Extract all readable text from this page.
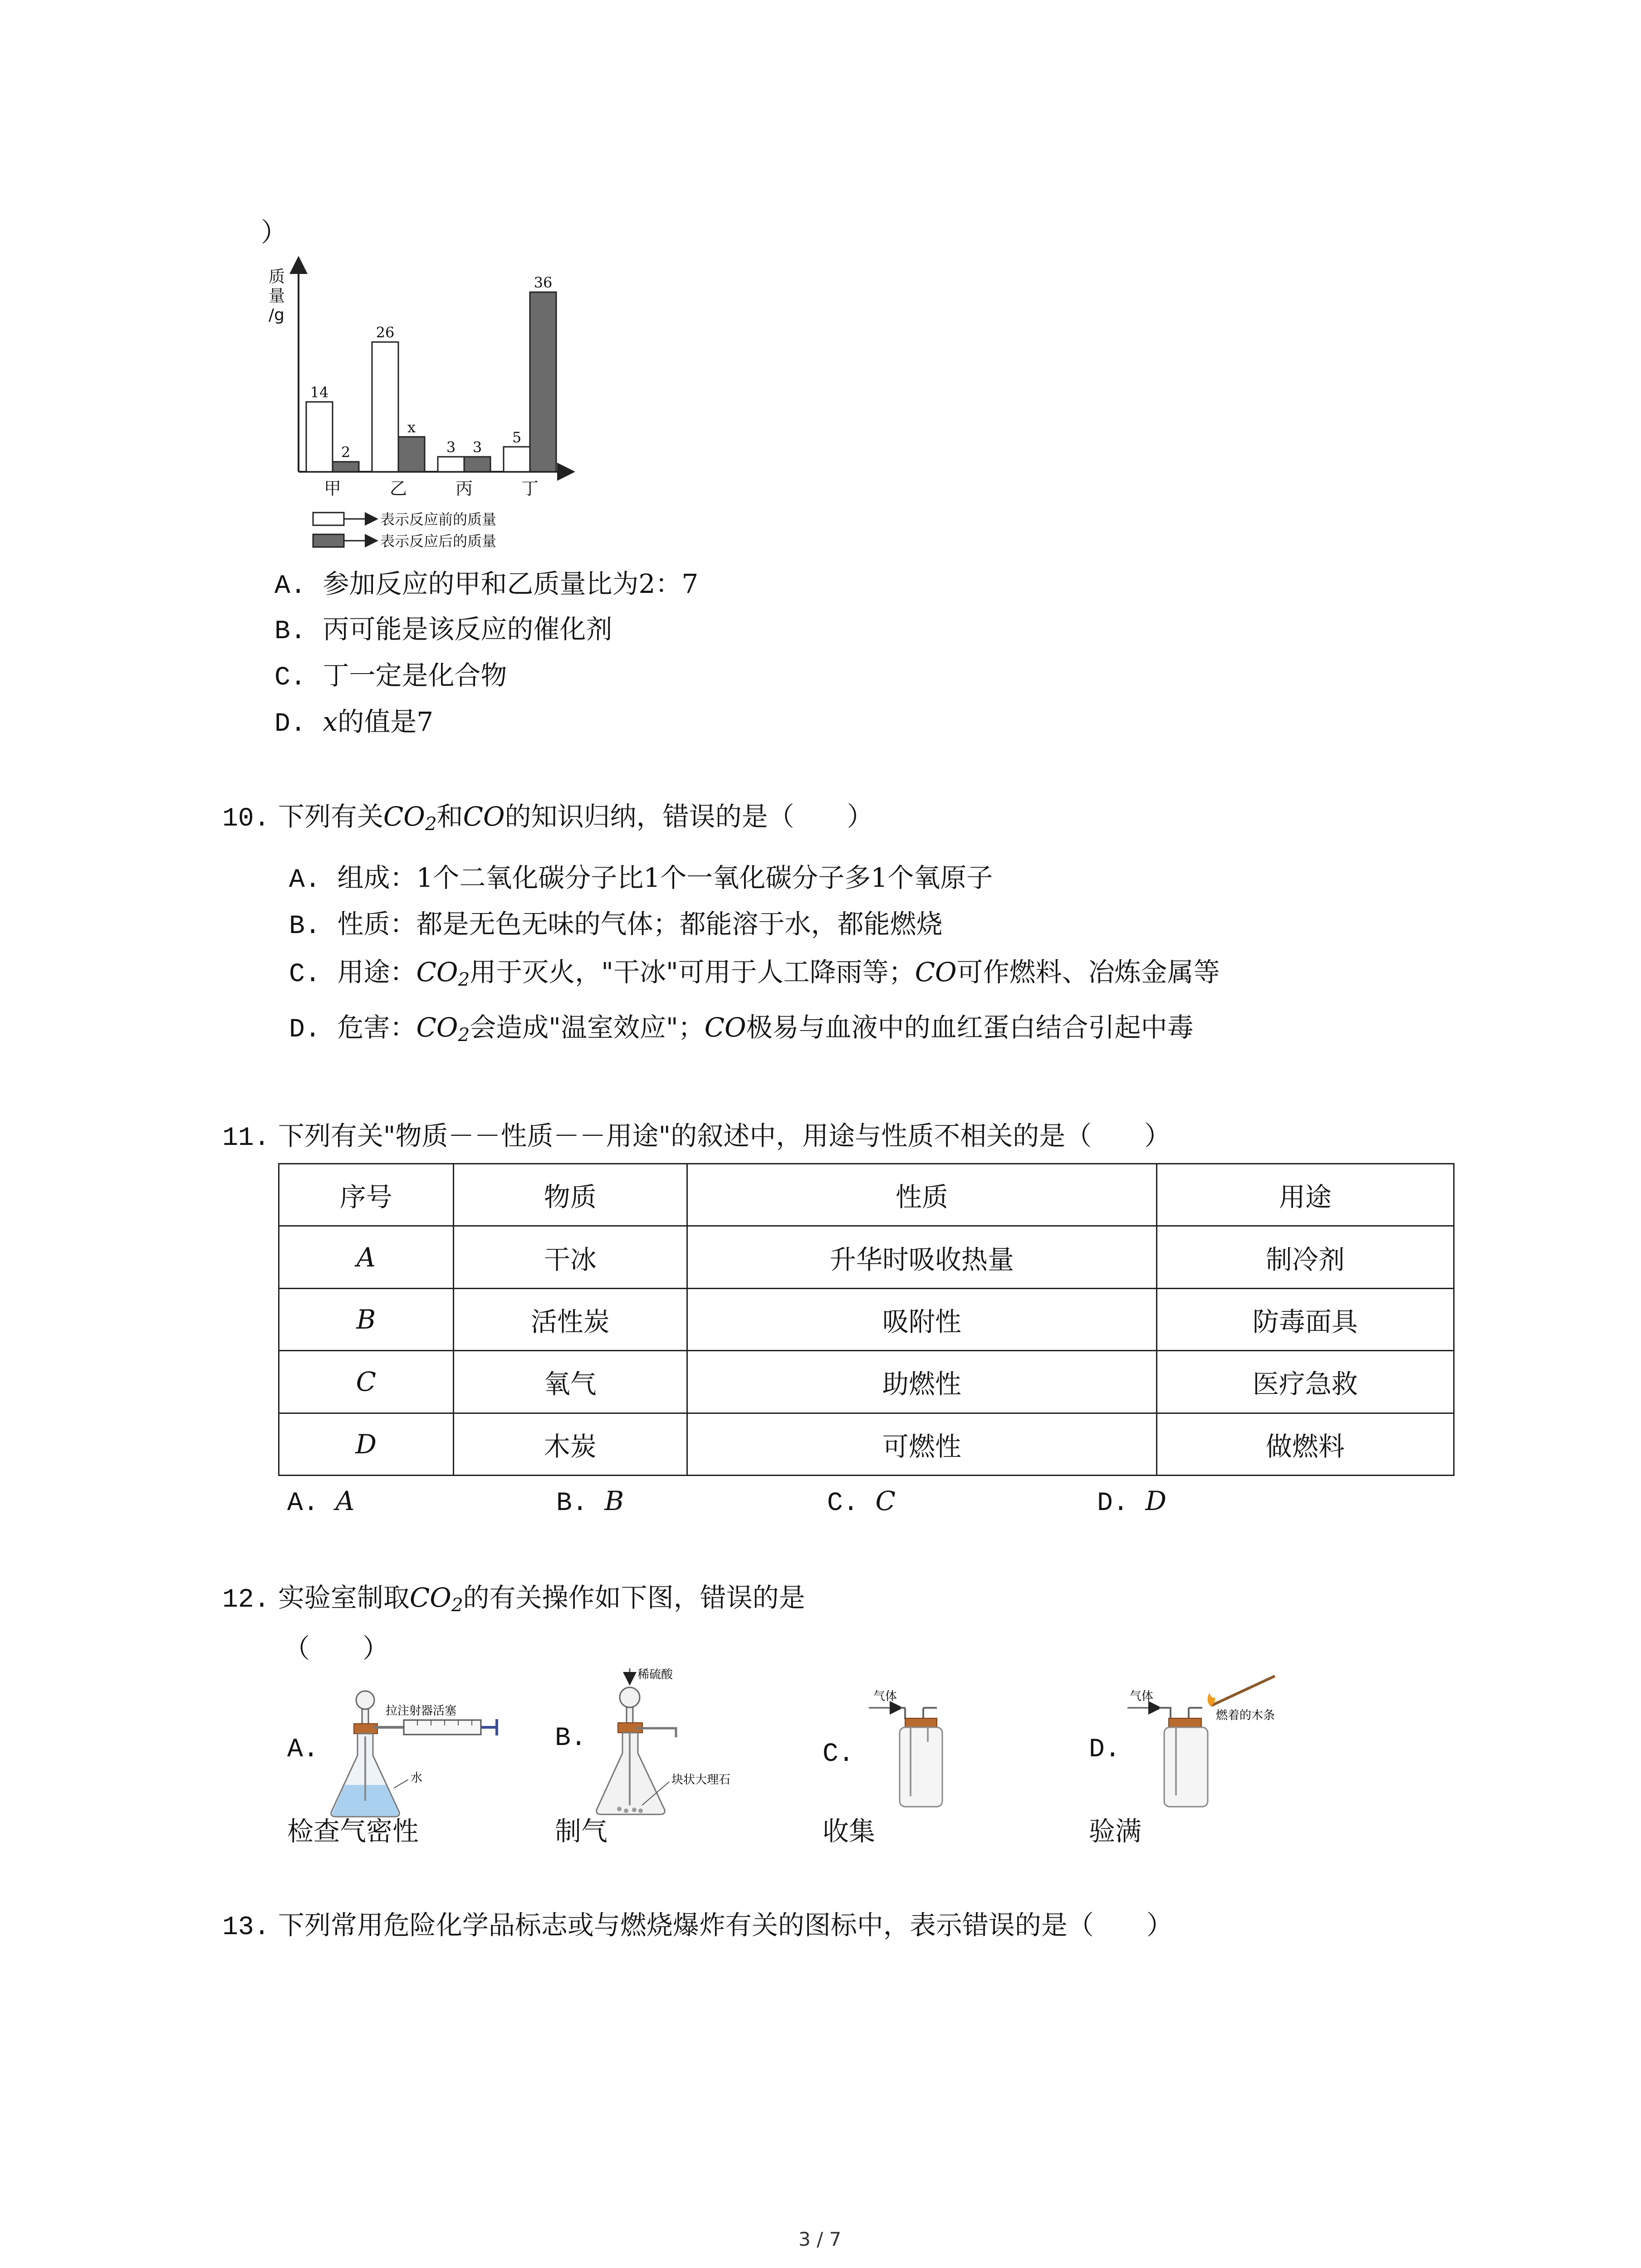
）
质
量
/g
14
2
甲
26
x
乙
3 3
丙
5
36
丁
表示反应前的质量
表示反应后的质量
A. 参加反应的甲和乙质量比为2：7
B. 丙可能是该反应的催化剂
C. 丁一定是化合物
D. x的值是7
10. 下列有关$CO_2$和CO的知识归纳，错误的是（　　）
A. 组成：1个二氧化碳分子比1个一氧化碳分子多1个氧原子
B. 性质：都是无色无味的气体；都能溶于水，都能燃烧
C. 用途：$CO_2$用于灭火，"干冰"可用于人工降雨等；CO可作燃料、冶炼金属等
D. 危害：$CO_2$会造成"温室效应"；CO极易与血液中的血红蛋白结合引起中毒
11. 下列有关"物质－－性质－－用途"的叙述中，用途与性质不相关的是（　　）
序号	物质	性质	用途
A	干冰	升华时吸收热量	制冷剂
B	活性炭	吸附性	防毒面具
C	氧气	助燃性	医疗急救
D	木炭	可燃性	做燃料
A. A	B. B	C. C	D. D
12. 实验室制取$CO_2$的有关操作如下图，错误的是
（　　）
A.
拉注射器活塞
水
检查气密性
B.
稀硫酸
块状大理石
制气
C.
气体
收集
D.
气体
燃着的木条
验满
13. 下列常用危险化学品标志或与燃烧爆炸有关的图标中，表示错误的是（　　）
3 / 7
